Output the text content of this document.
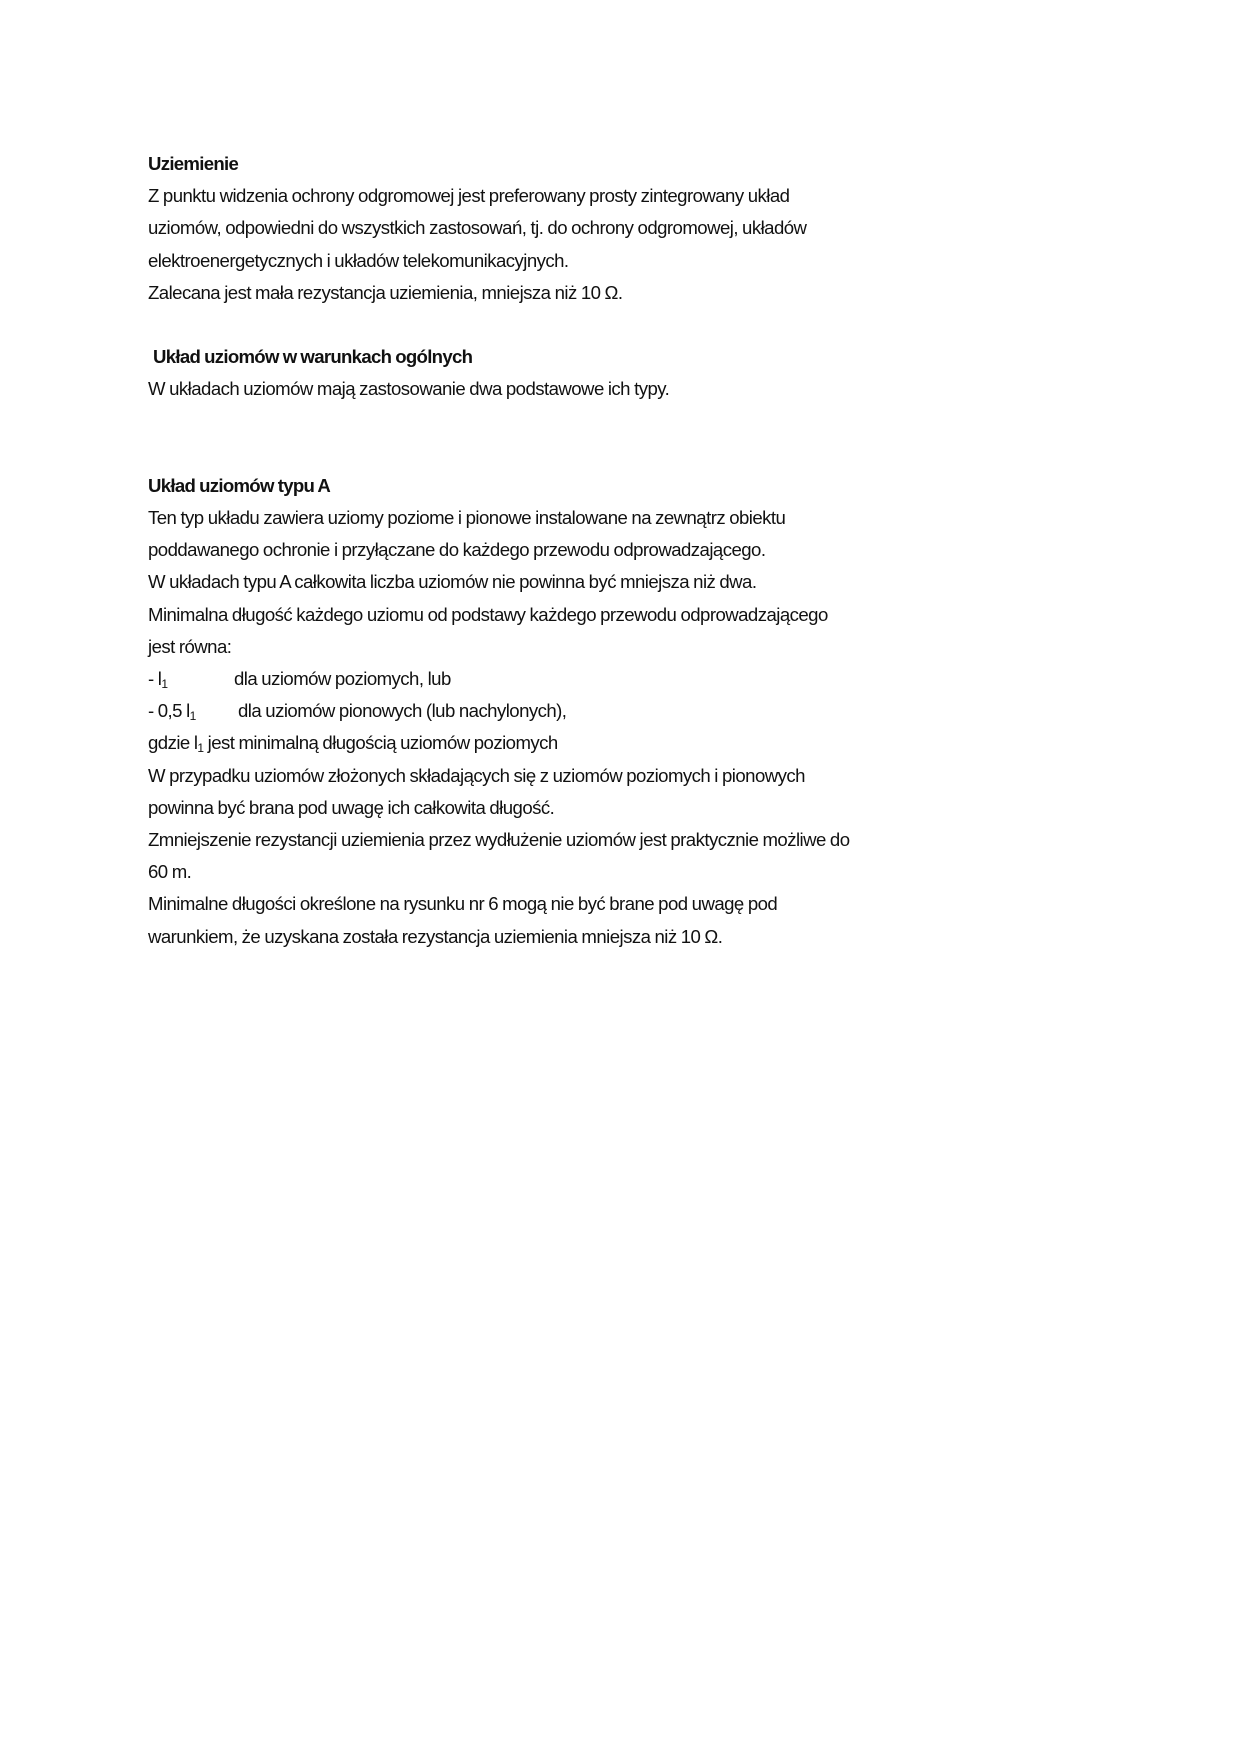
Uziemienie
Z punktu widzenia ochrony odgromowej jest preferowany prosty zintegrowany układ
uziomów, odpowiedni do wszystkich zastosowań, tj. do ochrony odgromowej, układów
elektroenergetycznych i układów telekomunikacyjnych.
Zalecana jest mała rezystancja uziemienia, mniejsza niż 10 Ω.
Układ uziomów w warunkach ogólnych
W układach uziomów mają zastosowanie dwa podstawowe ich typy.
Układ uziomów typu A
Ten typ układu zawiera uziomy poziome i pionowe instalowane na zewnątrz obiektu
poddawanego ochronie i przyłączane do każdego przewodu odprowadzającego.
W układach typu A całkowita liczba uziomów nie powinna być mniejsza niż dwa.
Minimalna długość każdego uziomu od podstawy każdego przewodu odprowadzającego
jest równa:
- $l_1$	dla uziomów poziomych, lub
- 0,5 $l_1$	dla uziomów pionowych (lub nachylonych),
gdzie $l_1$ jest minimalną długością uziomów poziomych
W przypadku uziomów złożonych składających się z uziomów poziomych i pionowych
powinna być brana pod uwagę ich całkowita długość.
Zmniejszenie rezystancji uziemienia przez wydłużenie uziomów jest praktycznie możliwe do
60 m.
Minimalne długości określone na rysunku nr 6 mogą nie być brane pod uwagę pod
warunkiem, że uzyskana została rezystancja uziemienia mniejsza niż 10 Ω.
